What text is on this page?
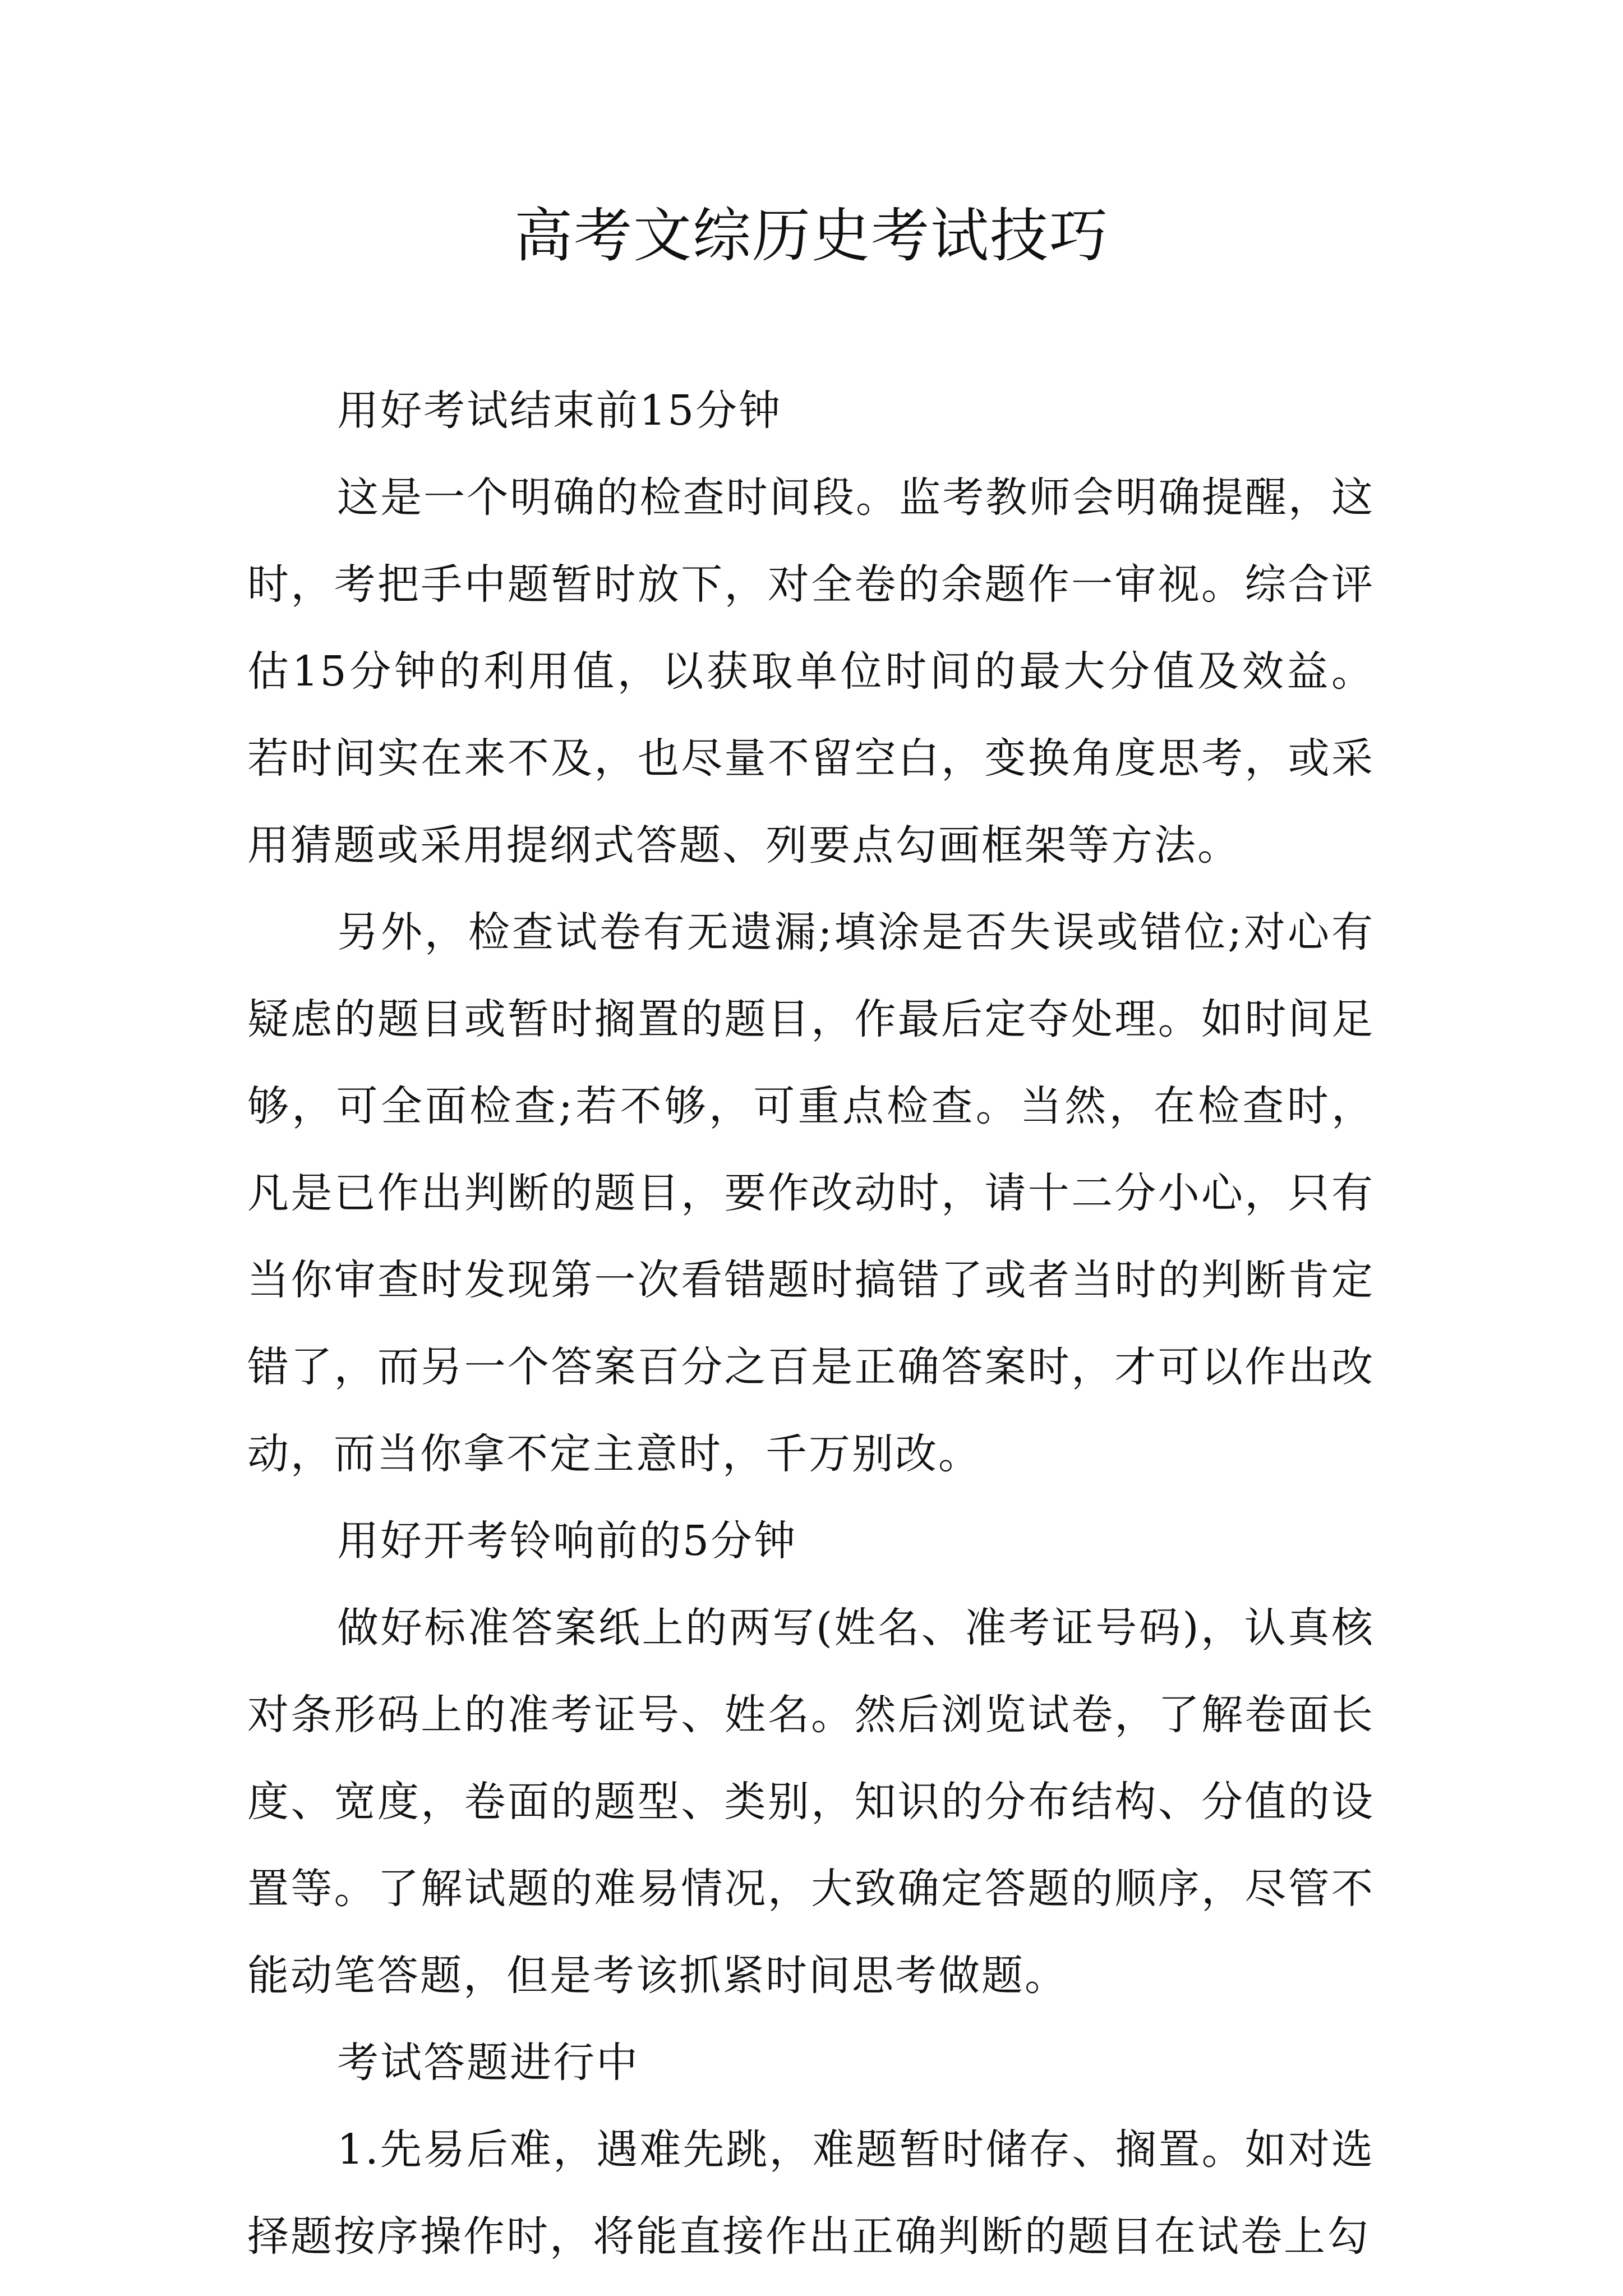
高考文综历史考试技巧

用好考试结束前15分钟

这是一个明确的检查时间段。监考教师会明确提醒，这时，考把手中题暂时放下，对全卷的余题作一审视。综合评估15分钟的利用值，以获取单位时间的最大分值及效益。若时间实在来不及，也尽量不留空白，变换角度思考，或采用猜题或采用提纲式答题、列要点勾画框架等方法。

另外，检查试卷有无遗漏;填涂是否失误或错位;对心有疑虑的题目或暂时搁置的题目，作最后定夺处理。如时间足够，可全面检查;若不够，可重点检查。当然，在检查时，凡是已作出判断的题目，要作改动时，请十二分小心，只有当你审查时发现第一次看错题时搞错了或者当时的判断肯定错了，而另一个答案百分之百是正确答案时，才可以作出改动，而当你拿不定主意时，千万别改。

用好开考铃响前的5分钟

做好标准答案纸上的两写(姓名、准考证号码)，认真核对条形码上的准考证号、姓名。然后浏览试卷，了解卷面长度、宽度，卷面的题型、类别，知识的分布结构、分值的设置等。了解试题的难易情况，大致确定答题的顺序，尽管不能动笔答题，但是考该抓紧时间思考做题。

考试答题进行中

1.先易后难，遇难先跳，难题暂时储存、搁置。如对选择题按序操作时，将能直接作出正确判断的题目在试卷上勾
